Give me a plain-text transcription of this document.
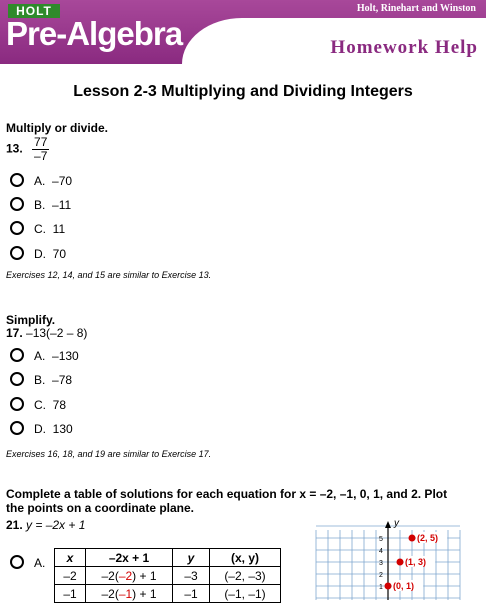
HOLT
Pre-Algebra
Holt, Rinehart and Winston
Homework Help
Lesson 2-3 Multiplying and Dividing Integers
Multiply or divide.
13. $\frac{77}{-7}$
A. –70
B. –11
C. 11
D. 70
Exercises 12, 14, and 15 are similar to Exercise 13.
Simplify.
17. –13(–2 – 8)
A. –130
B. –78
C. 78
D. 130
Exercises 16, 18, and 19 are similar to Exercise 17.
Complete a table of solutions for each equation for x = –2, –1, 0, 1, and 2. Plot
the points on a coordinate plane.
21. y = –2x + 1
A. x	–2x + 1	y	(x, y)
–2	–2(–2) + 1	–3	(–2, –3)
–1	–2(–1) + 1	–1	(–1, –1)
y
1
2
3
4
5	(2, 5)
(1, 3)
(0, 1)
